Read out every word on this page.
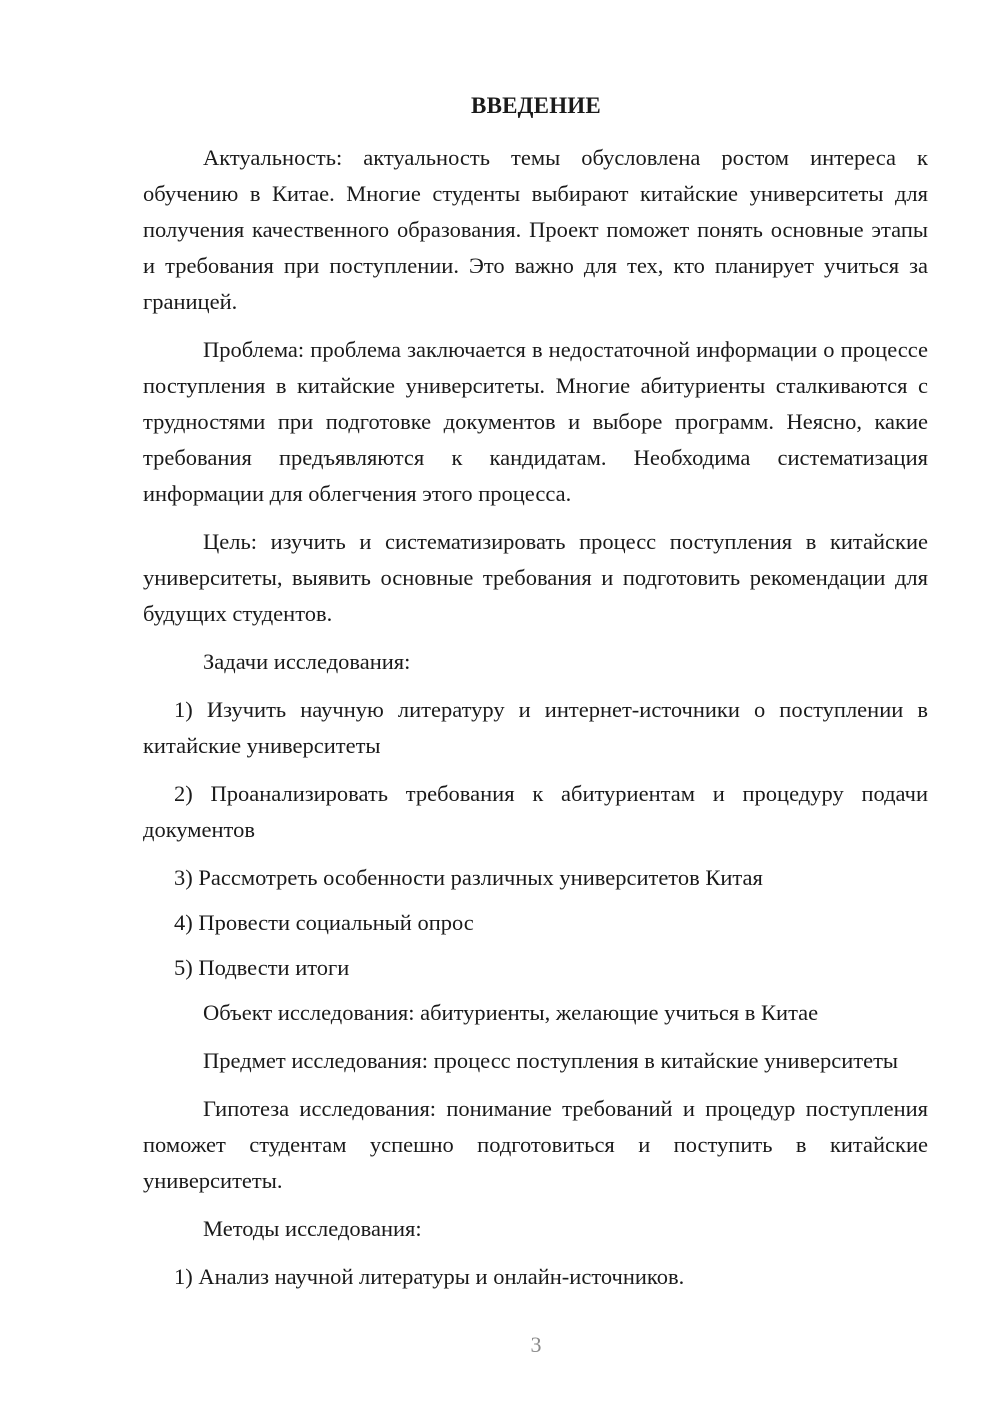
ВВЕДЕНИЕ

Актуальность: актуальность темы обусловлена ростом интереса к обучению в Китае. Многие студенты выбирают китайские университеты для получения качественного образования. Проект поможет понять основные этапы и требования при поступлении. Это важно для тех, кто планирует учиться за границей.

Проблема: проблема заключается в недостаточной информации о процессе поступления в китайские университеты. Многие абитуриенты сталкиваются с трудностями при подготовке документов и выборе программ. Неясно, какие требования предъявляются к кандидатам. Необходима систематизация информации для облегчения этого процесса.

Цель: изучить и систематизировать процесс поступления в китайские университеты, выявить основные требования и подготовить рекомендации для будущих студентов.

Задачи исследования:

1) Изучить научную литературу и интернет-источники о поступлении в китайские университеты

2) Проанализировать требования к абитуриентам и процедуру подачи документов

3) Рассмотреть особенности различных университетов Китая

4) Провести социальный опрос

5) Подвести итоги

Объект исследования: абитуриенты, желающие учиться в Китае

Предмет исследования: процесс поступления в китайские университеты

Гипотеза исследования: понимание требований и процедур поступления поможет студентам успешно подготовиться и поступить в китайские университеты.

Методы исследования:

1) Анализ научной литературы и онлайн-источников.

3
